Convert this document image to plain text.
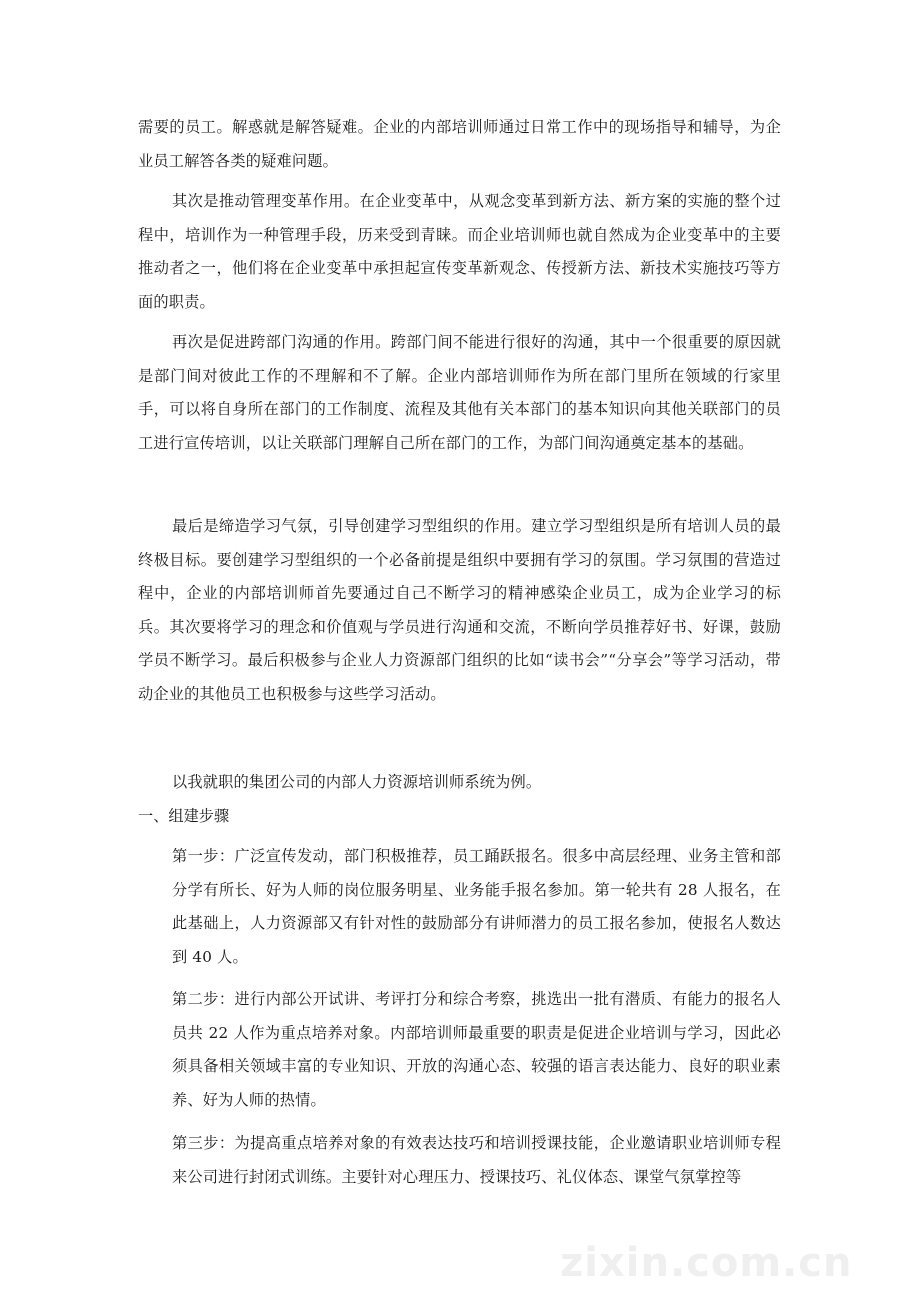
需要的员工。解惑就是解答疑难。企业的内部培训师通过日常工作中的现场指导和辅导，为企业员工解答各类的疑难问题。

其次是推动管理变革作用。在企业变革中，从观念变革到新方法、新方案的实施的整个过程中，培训作为一种管理手段，历来受到青睐。而企业培训师也就自然成为企业变革中的主要推动者之一，他们将在企业变革中承担起宣传变革新观念、传授新方法、新技术实施技巧等方面的职责。

再次是促进跨部门沟通的作用。跨部门间不能进行很好的沟通，其中一个很重要的原因就是部门间对彼此工作的不理解和不了解。企业内部培训师作为所在部门里所在领域的行家里手，可以将自身所在部门的工作制度、流程及其他有关本部门的基本知识向其他关联部门的员工进行宣传培训，以让关联部门理解自己所在部门的工作，为部门间沟通奠定基本的基础。

最后是缔造学习气氛，引导创建学习型组织的作用。建立学习型组织是所有培训人员的最终极目标。要创建学习型组织的一个必备前提是组织中要拥有学习的氛围。学习氛围的营造过程中，企业的内部培训师首先要通过自己不断学习的精神感染企业员工，成为企业学习的标兵。其次要将学习的理念和价值观与学员进行沟通和交流，不断向学员推荐好书、好课，鼓励学员不断学习。最后积极参与企业人力资源部门组织的比如“读书会”“分享会”等学习活动，带动企业的其他员工也积极参与这些学习活动。

以我就职的集团公司的内部人力资源培训师系统为例。

一、组建步骤

第一步：广泛宣传发动，部门积极推荐，员工踊跃报名。很多中高层经理、业务主管和部分学有所长、好为人师的岗位服务明星、业务能手报名参加。第一轮共有 28 人报名，在此基础上，人力资源部又有针对性的鼓励部分有讲师潜力的员工报名参加，使报名人数达到 40 人。

第二步：进行内部公开试讲、考评打分和综合考察，挑选出一批有潜质、有能力的报名人员共 22 人作为重点培养对象。内部培训师最重要的职责是促进企业培训与学习，因此必须具备相关领域丰富的专业知识、开放的沟通心态、较强的语言表达能力、良好的职业素养、好为人师的热情。

第三步：为提高重点培养对象的有效表达技巧和培训授课技能，企业邀请职业培训师专程来公司进行封闭式训练。主要针对心理压力、授课技巧、礼仪体态、课堂气氛掌控等

zixin.com.cn
